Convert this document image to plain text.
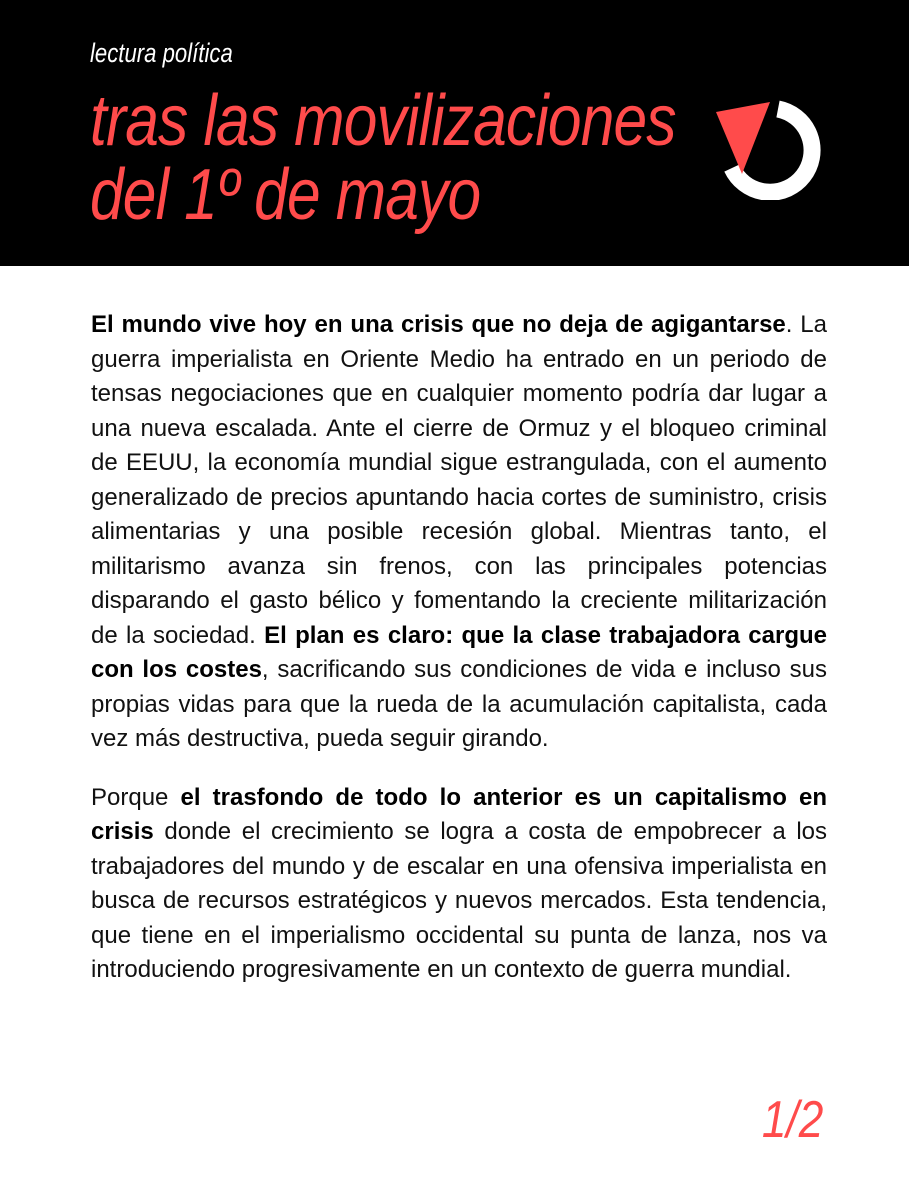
lectura política
tras las movilizaciones
del 1º de mayo

El mundo vive hoy en una crisis que no deja de agigantarse. La guerra imperialista en Oriente Medio ha entrado en un periodo de tensas negociaciones que en cualquier momento podría dar lugar a una nueva escalada. Ante el cierre de Ormuz y el bloqueo criminal de EEUU, la economía mundial sigue estrangulada, con el aumento generalizado de precios apuntando hacia cortes de suministro, crisis alimentarias y una posible recesión global. Mientras tanto, el militarismo avanza sin frenos, con las principales potencias disparando el gasto bélico y fomentando la creciente militarización de la sociedad. El plan es claro: que la clase trabajadora cargue con los costes, sacrificando sus condiciones de vida e incluso sus propias vidas para que la rueda de la acumulación capitalista, cada vez más destructiva, pueda seguir girando.

Porque el trasfondo de todo lo anterior es un capitalismo en crisis donde el crecimiento se logra a costa de empobrecer a los trabajadores del mundo y de escalar en una ofensiva imperialista en busca de recursos estratégicos y nuevos mercados. Esta tendencia, que tiene en el imperialismo occidental su punta de lanza, nos va introduciendo progresivamente en un contexto de guerra mundial.

1/2
